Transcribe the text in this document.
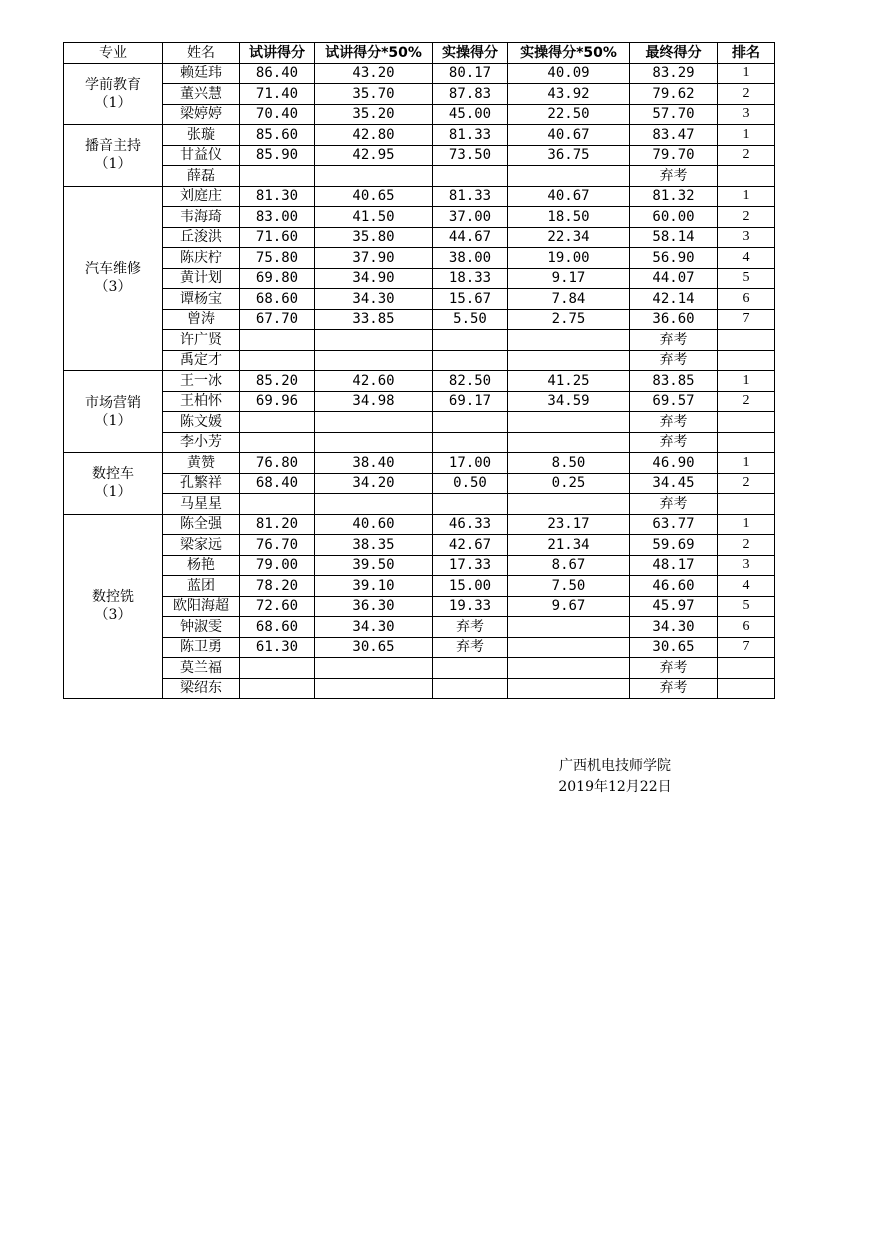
专业	姓名	试讲得分	试讲得分*50%	实操得分	实操得分*50%	最终得分	排名

学前教育
（1）	赖廷玮	86.40	43.20	80.17	40.09	83.29	1
	董兴慧	71.40	35.70	87.83	43.92	79.62	2
	梁婷婷	70.40	35.20	45.00	22.50	57.70	3

播音主持
（1）	张璇	85.60	42.80	81.33	40.67	83.47	1
	甘益仪	85.90	42.95	73.50	36.75	79.70	2
	薛磊					弃考	

汽车维修
（3）	刘庭庄	81.30	40.65	81.33	40.67	81.32	1
	韦海琦	83.00	41.50	37.00	18.50	60.00	2
	丘浚洪	71.60	35.80	44.67	22.34	58.14	3
	陈庆柠	75.80	37.90	38.00	19.00	56.90	4
	黄计划	69.80	34.90	18.33	9.17	44.07	5
	谭杨宝	68.60	34.30	15.67	7.84	42.14	6
	曾涛	67.70	33.85	5.50	2.75	36.60	7
	许广贤					弃考	
	禹定才					弃考	

市场营销
（1）	王一冰	85.20	42.60	82.50	41.25	83.85	1
	王柏怀	69.96	34.98	69.17	34.59	69.57	2
	陈文媛					弃考	
	李小芳					弃考	

数控车
（1）	黄赞	76.80	38.40	17.00	8.50	46.90	1
	孔繁祥	68.40	34.20	0.50	0.25	34.45	2
	马星星					弃考	

数控铣
（3）	陈全强	81.20	40.60	46.33	23.17	63.77	1
	梁家远	76.70	38.35	42.67	21.34	59.69	2
	杨艳	79.00	39.50	17.33	8.67	48.17	3
	蓝团	78.20	39.10	15.00	7.50	46.60	4
	欧阳海超	72.60	36.30	19.33	9.67	45.97	5
	钟淑雯	68.60	34.30	弃考		34.30	6
	陈卫勇	61.30	30.65	弃考		30.65	7
	莫兰福					弃考	
	梁绍东					弃考	
广西机电技师学院
2019年12月22日
